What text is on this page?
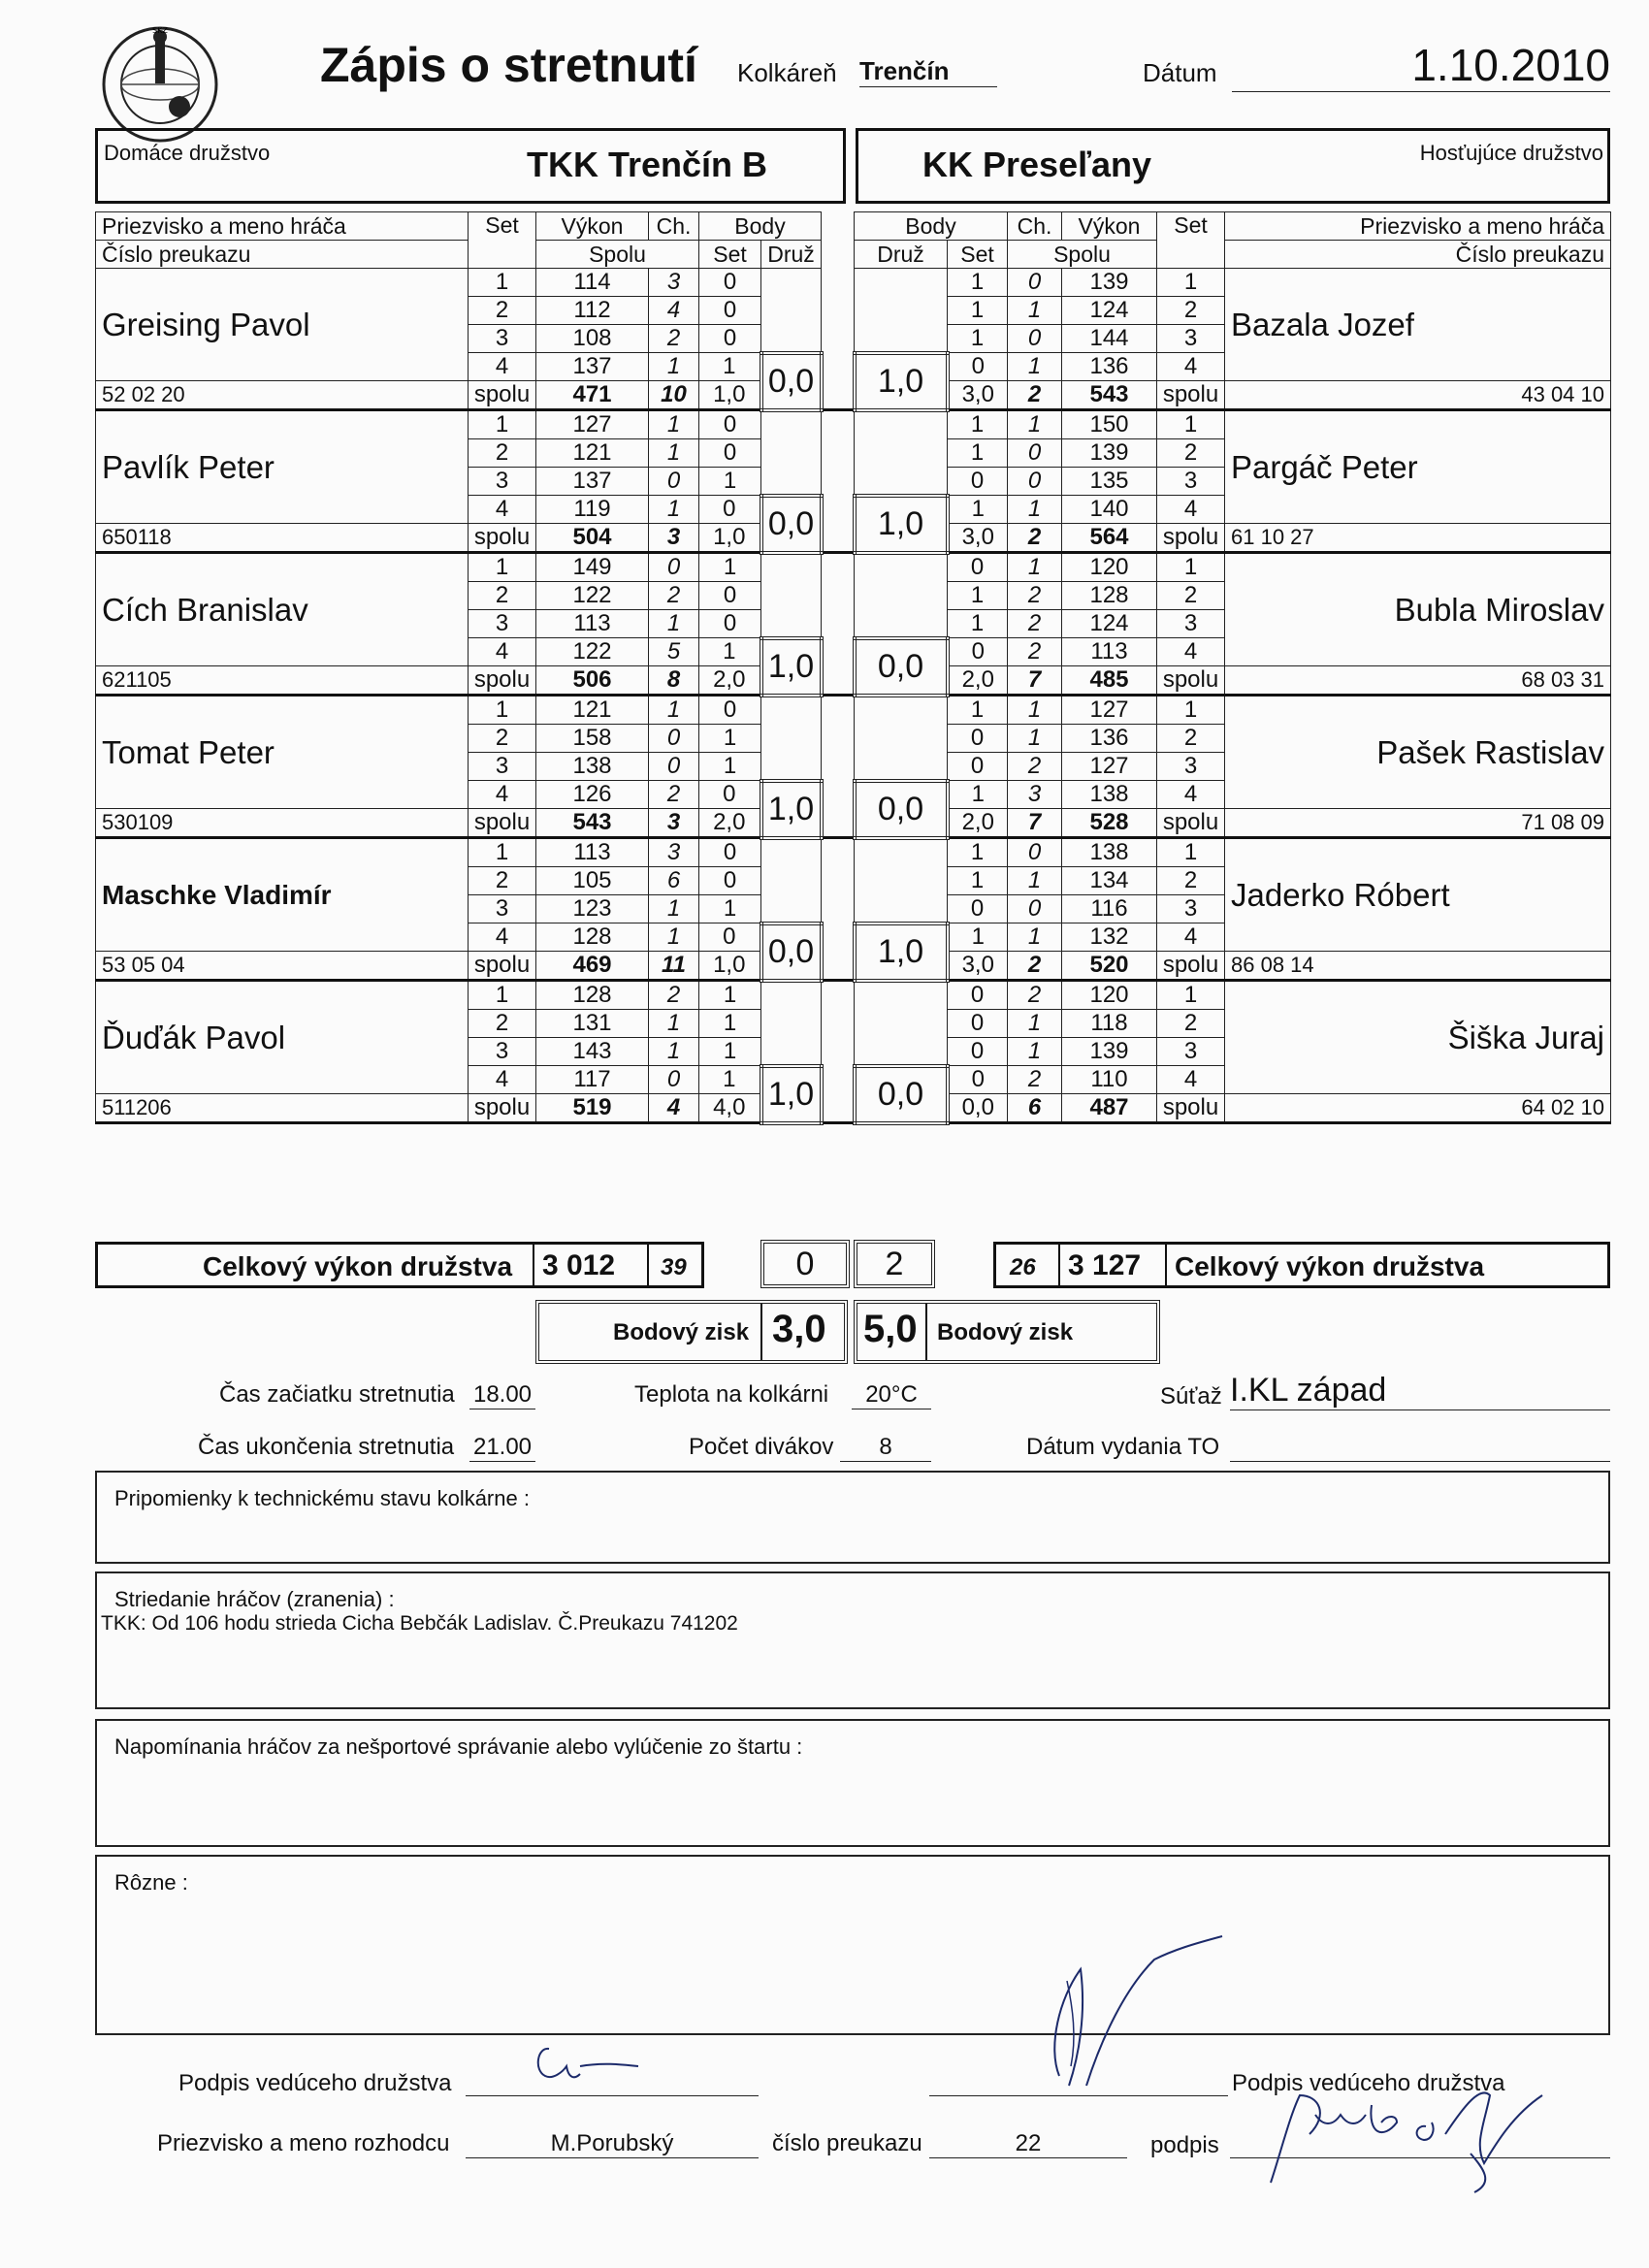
SKZ
Zápis o stretnutí Kolkáreň Trenčín	Dátum	1.10.2010
Domáce družstvo	TKK Trenčín B	KK Preseľany	Hosťujúce družstvo
Priezvisko a meno hráča	Set	Výkon	Ch.	Body			Body		Ch.	Výkon	Set	Priezvisko a meno hráča
Číslo preukazu		Spolu		Set	Druž		Druž	Set	Spolu			Číslo preukazu
Greising Pavol	1	114	3	0				1	0	139	1	Bazala Jozef
	2	112	4	0				1	1	124	2	
	3	108	2	0				1	0	144	3	
	4	137	1	1	0,0		1,0	0	1	136	4	
52 02 20	spolu	471	10	1,0				3,0	2	543	spolu	43 04 10
Pavlík Peter	1	127	1	0				1	1	150	1	Pargáč Peter
	2	121	1	0				1	0	139	2	
	3	137	0	1				0	0	135	3	
	4	119	1	0	0,0		1,0	1	1	140	4	
650118	spolu	504	3	1,0				3,0	2	564	spolu	61 10 27
Cích Branislav	1	149	0	1				0	1	120	1	Bubla Miroslav
	2	122	2	0				1	2	128	2	
	3	113	1	0				1	2	124	3	
	4	122	5	1	1,0		0,0	0	2	113	4	
621105	spolu	506	8	2,0				2,0	7	485	spolu	68 03 31
Tomat Peter	1	121	1	0				1	1	127	1	Pašek Rastislav
	2	158	0	1				0	1	136	2	
	3	138	0	1				0	2	127	3	
	4	126	2	0	1,0		0,0	1	3	138	4	
530109	spolu	543	3	2,0				2,0	7	528	spolu	71 08 09
Maschke Vladimír	1	113	3	0				1	0	138	1	Jaderko Róbert
	2	105	6	0				1	1	134	2	
	3	123	1	1				0	0	116	3	
	4	128	1	0	0,0		1,0	1	1	132	4	
53 05 04	spolu	469	11	1,0				3,0	2	520	spolu	86 08 14
Ďuďák Pavol	1	128	2	1				0	2	120	1	Šiška Juraj
	2	131	1	1				0	1	118	2	
	3	143	1	1				0	1	139	3	
	4	117	0	1	1,0		0,0	0	2	110	4	
511206	spolu	519	4	4,0				0,0	6	487	spolu	64 02 10
Celkový výkon družstva 3 012 39	0	2	26 3 127 Celkový výkon družstva
Bodový zisk 3,0 5,0 Bodový zisk
Čas začiatku stretnutia 18.00	Teplota na kolkárni	20°C	Súťaž I.KL západ
Čas ukončenia stretnutia 21.00	Počet divákov	8	Dátum vydania TO
Pripomienky k technickému stavu kolkárne :
Striedanie hráčov (zranenia) :
TKK: Od 106 hodu strieda Cicha Bebčák Ladislav. Č.Preukazu 741202
Napomínania hráčov za nešportové správanie alebo vylúčenie zo štartu :
Rôzne :
Podpis vedúceho družstva	Podpis vedúceho družstva
Priezvisko a meno rozhodcu	M.Porubský	číslo preukazu	22	podpis
